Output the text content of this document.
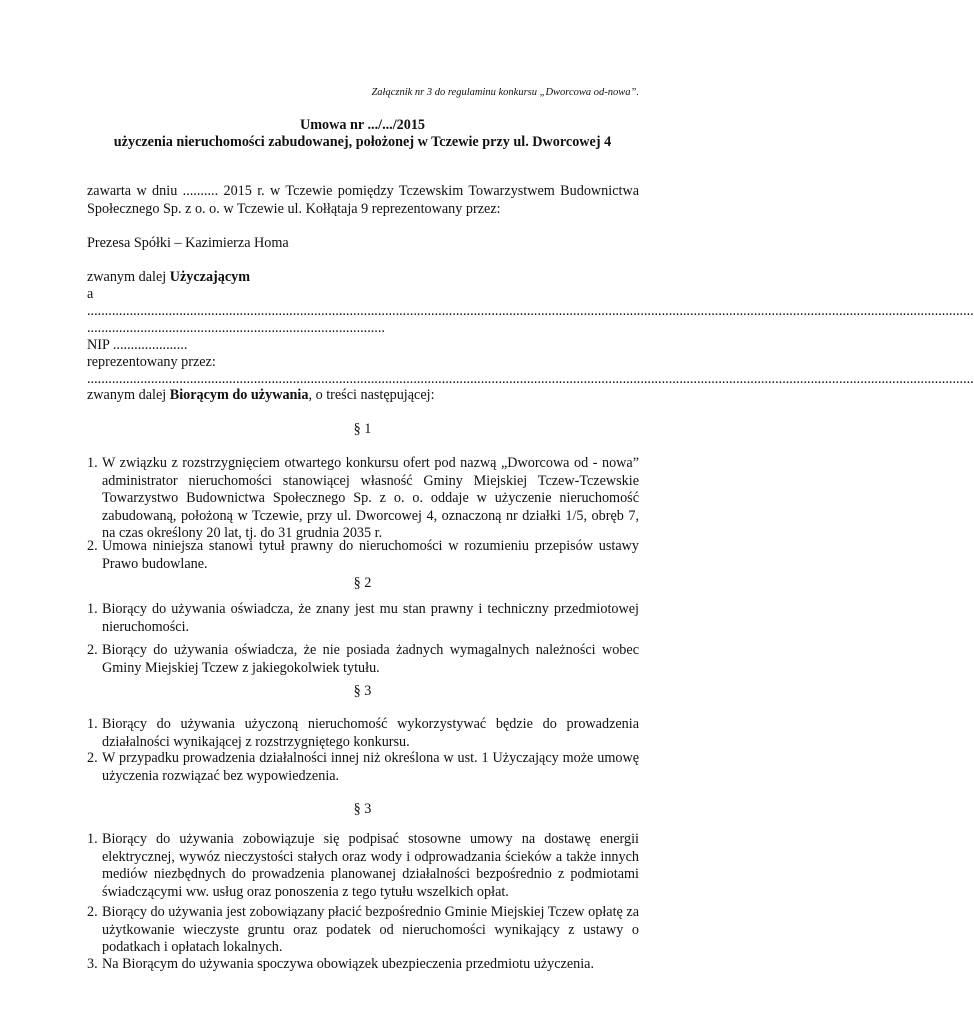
Załącznik nr 3 do regulaminu konkursu „Dworcowa od-nowa”.
Umowa nr .../.../2015
użyczenia nieruchomości zabudowanej, położonej w Tczewie przy ul. Dworcowej 4
zawarta w dniu .......... 2015 r. w Tczewie pomiędzy Tczewskim Towarzystwem Budownictwa Społecznego Sp. z o. o. w Tczewie ul. Kołłątaja 9 reprezentowany przez:
Prezesa Spółki – Kazimierza Homa
zwanym dalej Użyczającym
a
..........................................................................................................................................................................................................................................................
....................................................................................
NIP .....................
reprezentowany przez:
..........................................................................................................................................................................................................................................................
zwanym dalej Biorącym do używania, o treści następującej:
§ 1
1. W związku z rozstrzygnięciem otwartego konkursu ofert pod nazwą „Dworcowa od - nowa” administrator nieruchomości stanowiącej własność Gminy Miejskiej Tczew-Tczewskie Towarzystwo Budownictwa Społecznego Sp. z o. o. oddaje w użyczenie nieruchomość zabudowaną, położoną w Tczewie, przy ul. Dworcowej 4, oznaczoną nr działki 1/5, obręb 7, na czas określony 20 lat, tj. do 31 grudnia 2035 r.
2. Umowa niniejsza stanowi tytuł prawny do nieruchomości w rozumieniu przepisów ustawy Prawo budowlane.
§ 2
1. Biorący do używania oświadcza, że znany jest mu stan prawny i techniczny przedmiotowej nieruchomości.
2. Biorący do używania oświadcza, że nie posiada żadnych wymagalnych należności wobec Gminy Miejskiej Tczew z jakiegokolwiek tytułu.
§ 3
1. Biorący do używania użyczoną nieruchomość wykorzystywać będzie do prowadzenia działalności wynikającej z rozstrzygniętego konkursu.
2. W przypadku prowadzenia działalności innej niż określona w ust. 1 Użyczający może umowę użyczenia rozwiązać bez wypowiedzenia.
§ 3
1. Biorący do używania zobowiązuje się podpisać stosowne umowy na dostawę energii elektrycznej, wywóz nieczystości stałych oraz wody i odprowadzania ścieków a także innych mediów niezbędnych do prowadzenia planowanej działalności bezpośrednio z podmiotami świadczącymi ww. usług oraz ponoszenia z tego tytułu wszelkich opłat.
2. Biorący do używania jest zobowiązany płacić bezpośrednio Gminie Miejskiej Tczew opłatę za użytkowanie wieczyste gruntu oraz podatek od nieruchomości wynikający z ustawy o podatkach i opłatach lokalnych.
3. Na Biorącym do używania spoczywa obowiązek ubezpieczenia przedmiotu użyczenia.
